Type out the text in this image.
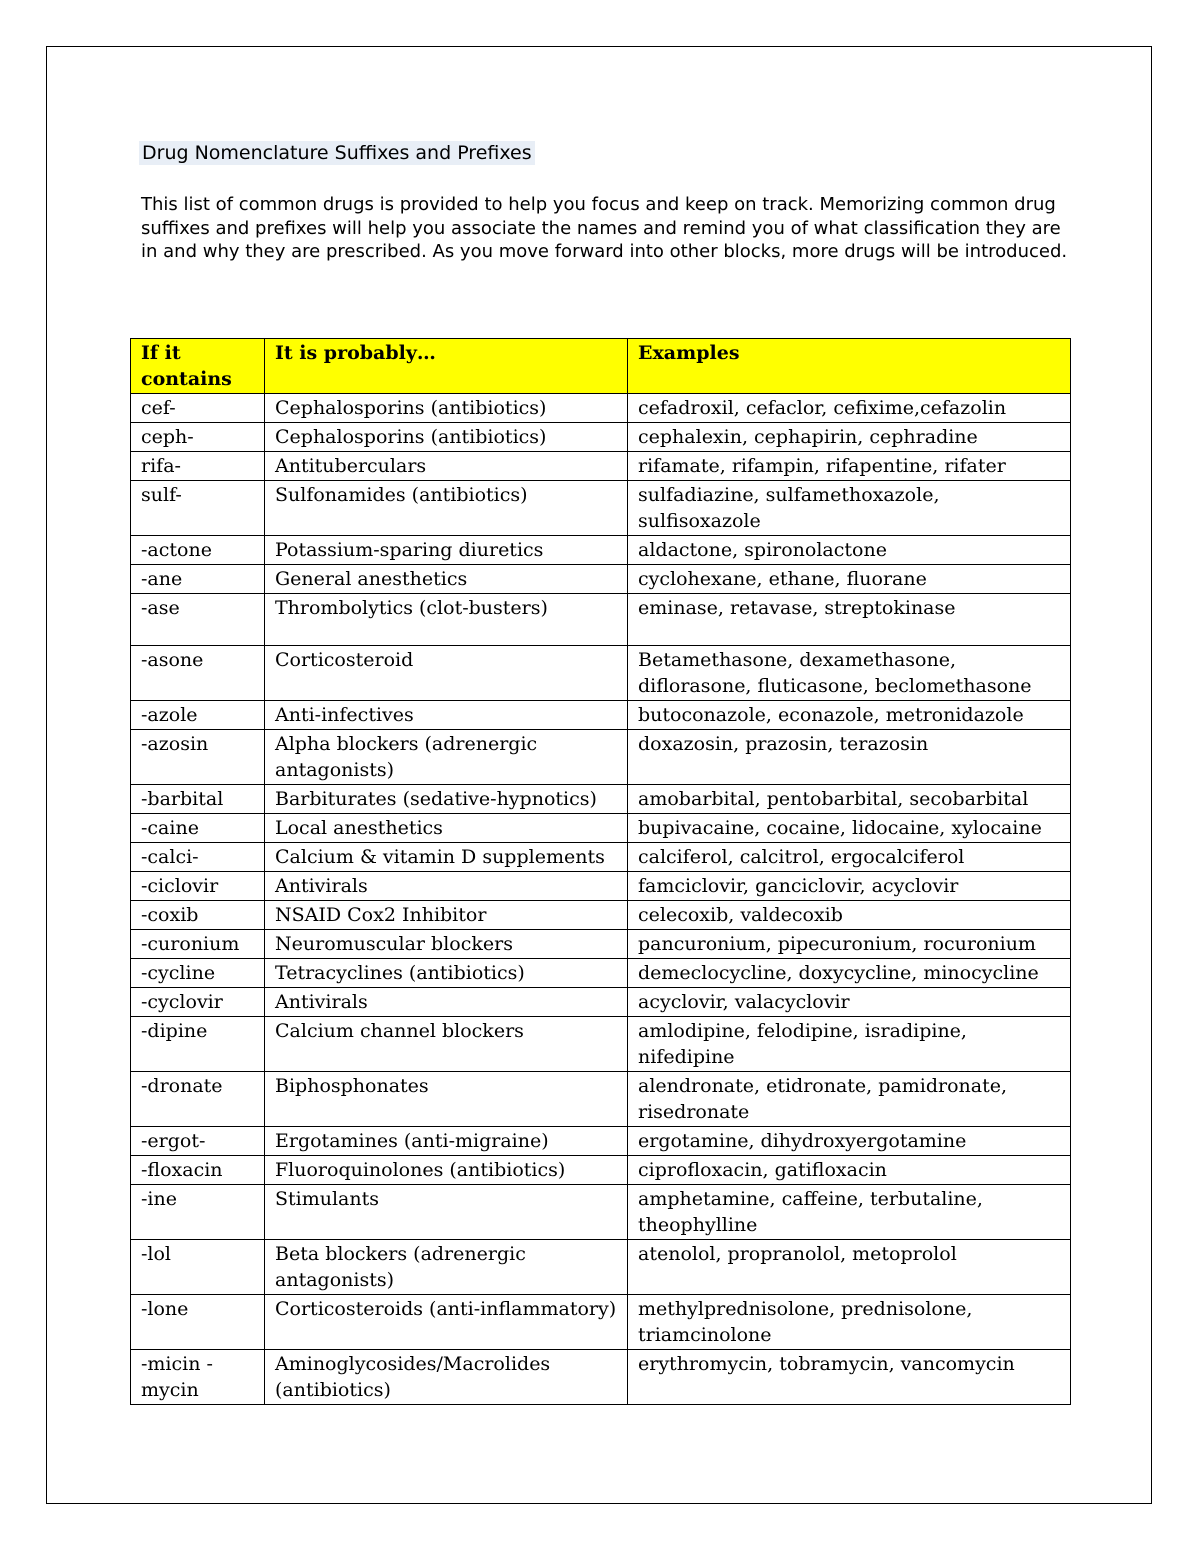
Drug Nomenclature Suffixes and Prefixes

This list of common drugs is provided to help you focus and keep on track. Memorizing common drug suffixes and prefixes will help you associate the names and remind you of what classification they are in and why they are prescribed. As you move forward into other blocks, more drugs will be introduced.

If it contains	It is probably…	Examples
cef-	Cephalosporins (antibiotics)	cefadroxil, cefaclor, cefixime,cefazolin
ceph-	Cephalosporins (antibiotics)	cephalexin, cephapirin, cephradine
rifa-	Antituberculars	rifamate, rifampin, rifapentine, rifater
sulf-	Sulfonamides (antibiotics)	sulfadiazine, sulfamethoxazole, sulfisoxazole
-actone	Potassium-sparing diuretics	aldactone, spironolactone
-ane	General anesthetics	cyclohexane, ethane, fluorane
-ase	Thrombolytics (clot-busters)	eminase, retavase, streptokinase
-asone	Corticosteroid	Betamethasone, dexamethasone, diflorasone, fluticasone, beclomethasone
-azole	Anti-infectives	butoconazole, econazole, metronidazole
-azosin	Alpha blockers (adrenergic antagonists)	doxazosin, prazosin, terazosin
-barbital	Barbiturates (sedative-hypnotics)	amobarbital, pentobarbital, secobarbital
-caine	Local anesthetics	bupivacaine, cocaine, lidocaine, xylocaine
-calci-	Calcium & vitamin D supplements	calciferol, calcitrol, ergocalciferol
-ciclovir	Antivirals	famciclovir, ganciclovir, acyclovir
-coxib	NSAID Cox2 Inhibitor	celecoxib, valdecoxib
-curonium	Neuromuscular blockers	pancuronium, pipecuronium, rocuronium
-cycline	Tetracyclines (antibiotics)	demeclocycline, doxycycline, minocycline
-cyclovir	Antivirals	acyclovir, valacyclovir
-dipine	Calcium channel blockers	amlodipine, felodipine, isradipine, nifedipine
-dronate	Biphosphonates	alendronate, etidronate, pamidronate, risedronate
-ergot-	Ergotamines (anti-migraine)	ergotamine, dihydroxyergotamine
-floxacin	Fluoroquinolones (antibiotics)	ciprofloxacin, gatifloxacin
-ine	Stimulants	amphetamine, caffeine, terbutaline, theophylline
-lol	Beta blockers (adrenergic antagonists)	atenolol, propranolol, metoprolol
-lone	Corticosteroids (anti-inflammatory)	methylprednisolone, prednisolone, triamcinolone
-micin -mycin	Aminoglycosides/Macrolides (antibiotics)	erythromycin, tobramycin, vancomycin
